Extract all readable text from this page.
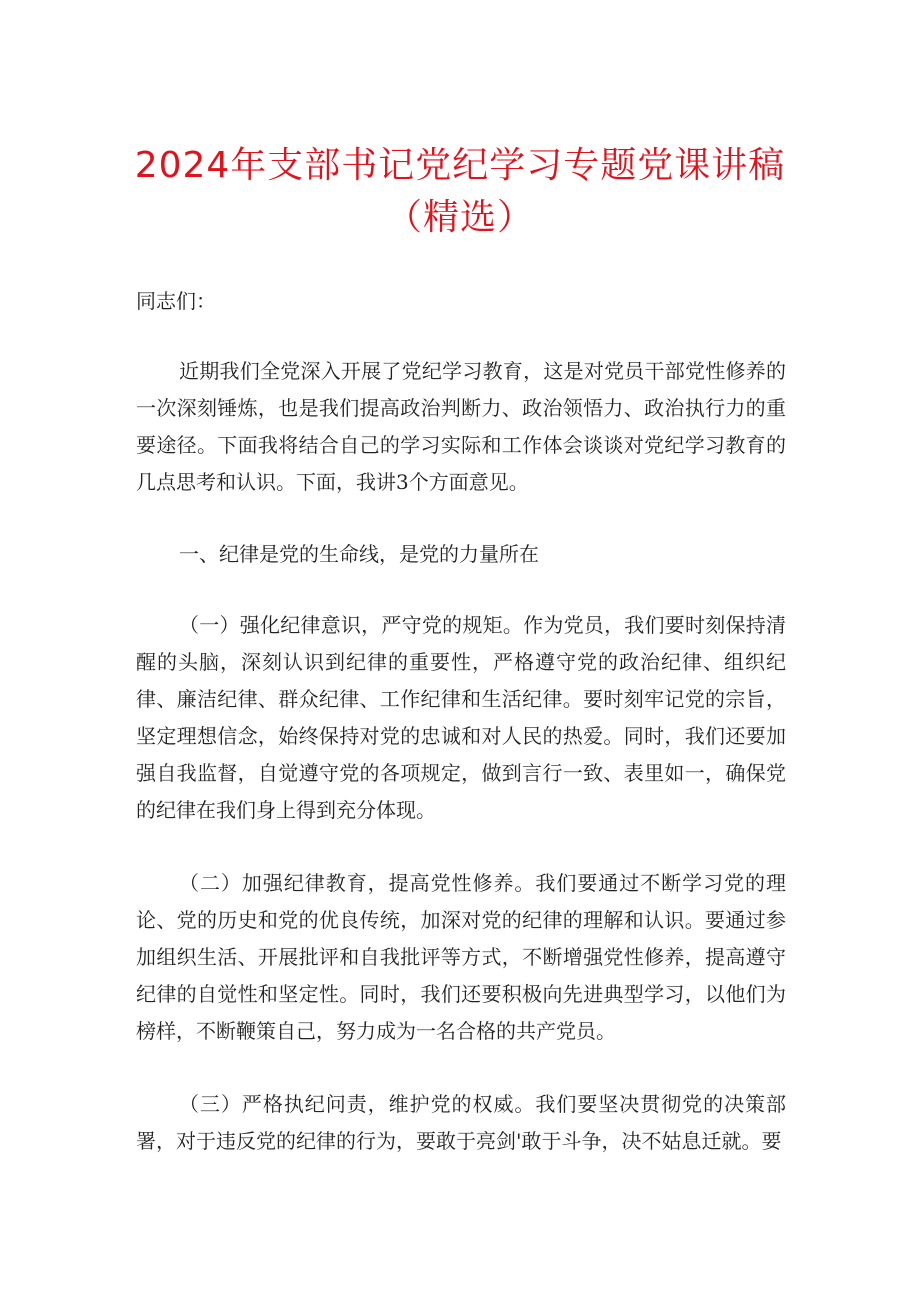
2024年支部书记党纪学习专题党课讲稿
（精选）

同志们：

近期我们全党深入开展了党纪学习教育，这是对党员干部党性修养的一次深刻锤炼，也是我们提高政治判断力、政治领悟力、政治执行力的重要途径。下面我将结合自己的学习实际和工作体会谈谈对党纪学习教育的几点思考和认识。下面，我讲3个方面意见。

一、纪律是党的生命线，是党的力量所在

（一）强化纪律意识，严守党的规矩。作为党员，我们要时刻保持清醒的头脑，深刻认识到纪律的重要性，严格遵守党的政治纪律、组织纪律、廉洁纪律、群众纪律、工作纪律和生活纪律。要时刻牢记党的宗旨，坚定理想信念，始终保持对党的忠诚和对人民的热爱。同时，我们还要加强自我监督，自觉遵守党的各项规定，做到言行一致、表里如一，确保党的纪律在我们身上得到充分体现。

（二）加强纪律教育，提高党性修养。我们要通过不断学习党的理论、党的历史和党的优良传统，加深对党的纪律的理解和认识。要通过参加组织生活、开展批评和自我批评等方式，不断增强党性修养，提高遵守纪律的自觉性和坚定性。同时，我们还要积极向先进典型学习，以他们为榜样，不断鞭策自己，努力成为一名合格的共产党员。

（三）严格执纪问责，维护党的权威。我们要坚决贯彻党的决策部署，对于违反党的纪律的行为，要敢于亮剑'敢于斗争，决不姑息迁就。要
